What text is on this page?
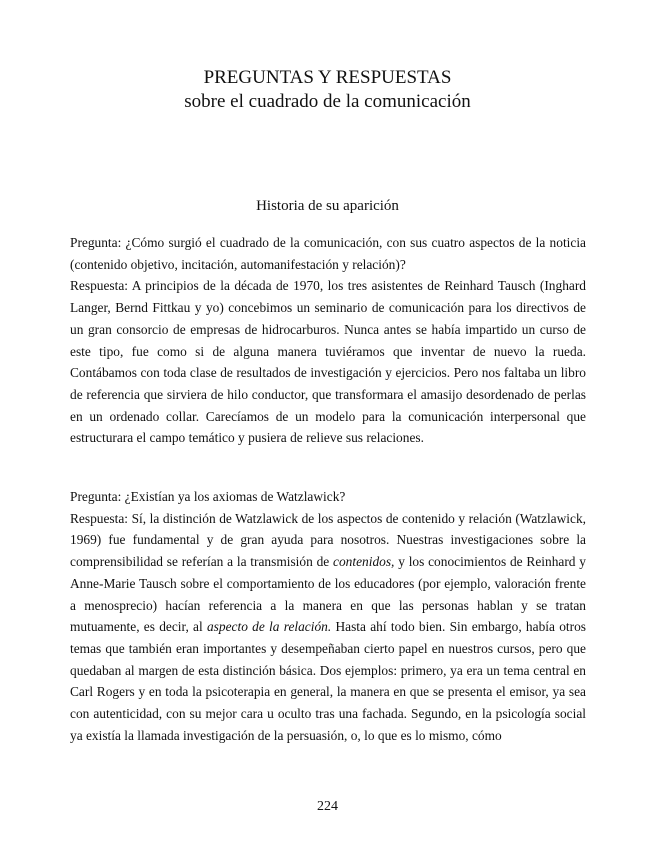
PREGUNTAS Y RESPUESTAS
sobre el cuadrado de la comunicación
Historia de su aparición

Pregunta: ¿Cómo surgió el cuadrado de la comunicación, con sus cuatro aspectos de la noticia (contenido objetivo, incitación, automanifestación y relación)?

Respuesta: A principios de la década de 1970, los tres asistentes de Reinhard Tausch (Inghard Langer, Bernd Fittkau y yo) concebimos un seminario de comunicación para los directivos de un gran consorcio de empresas de hidrocarburos. Nunca antes se había impartido un curso de este tipo, fue como si de alguna manera tuviéramos que inventar de nuevo la rueda. Contábamos con toda clase de resultados de investigación y ejercicios. Pero nos faltaba un libro de referencia que sirviera de hilo conductor, que transformara el amasijo desordenado de perlas en un ordenado collar. Carecíamos de un modelo para la comunicación interpersonal que estructurara el campo temático y pusiera de relieve sus relaciones.

Pregunta: ¿Existían ya los axiomas de Watzlawick?

Respuesta: Sí, la distinción de Watzlawick de los aspectos de contenido y relación (Watzlawick, 1969) fue fundamental y de gran ayuda para nosotros. Nuestras investigaciones sobre la comprensibilidad se referían a la transmisión de contenidos, y los conocimientos de Reinhard y Anne-Marie Tausch sobre el comportamiento de los educadores (por ejemplo, valoración frente a menosprecio) hacían referencia a la manera en que las personas hablan y se tratan mutuamente, es decir, al aspecto de la relación. Hasta ahí todo bien. Sin embargo, había otros temas que también eran importantes y desempeñaban cierto papel en nuestros cursos, pero que quedaban al margen de esta distinción básica. Dos ejemplos: primero, ya era un tema central en Carl Rogers y en toda la psicoterapia en general, la manera en que se presenta el emisor, ya sea con autenticidad, con su mejor cara u oculto tras una fachada. Segundo, en la psicología social ya existía la llamada investigación de la persuasión, o, lo que es lo mismo, cómo

224
